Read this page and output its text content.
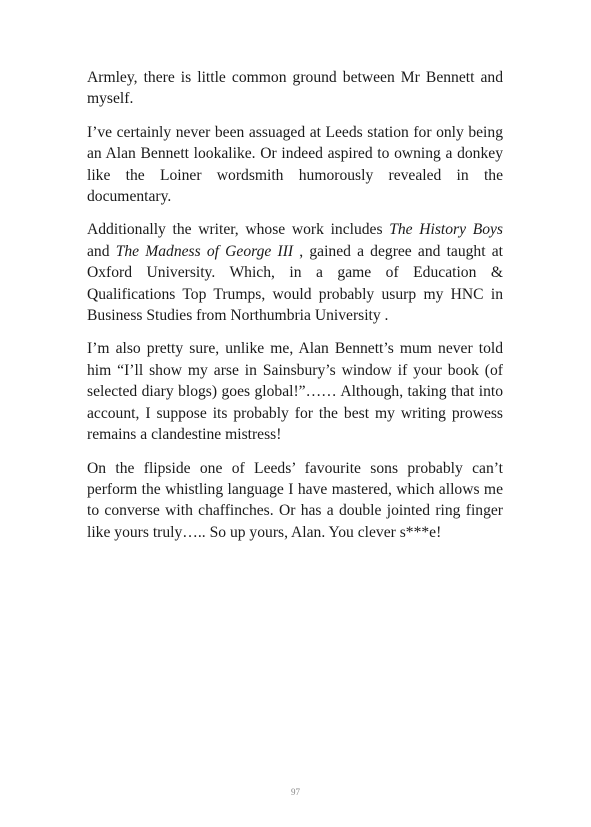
Armley, there is little common ground between Mr Bennett and myself.

I’ve certainly never been assuaged at Leeds station for only being an Alan Bennett lookalike. Or indeed aspired to owning a donkey like the Loiner wordsmith humorously revealed in the documentary.

Additionally the writer, whose work includes The History Boys and The Madness of George III , gained a degree and taught at Oxford University. Which, in a game of Education & Qualifications Top Trumps, would probably usurp my HNC in Business Studies from Northumbria University .

I’m also pretty sure, unlike me, Alan Bennett’s mum never told him “I’ll show my arse in Sainsbury’s window if your book (of selected diary blogs) goes global!”…… Although, taking that into account, I suppose its probably for the best my writing prowess remains a clandestine mistress!

On the flipside one of Leeds’ favourite sons probably can’t perform the whistling language I have mastered, which allows me to converse with chaffinches. Or has a double jointed ring finger like yours truly….. So up yours, Alan. You clever s***e!

97
